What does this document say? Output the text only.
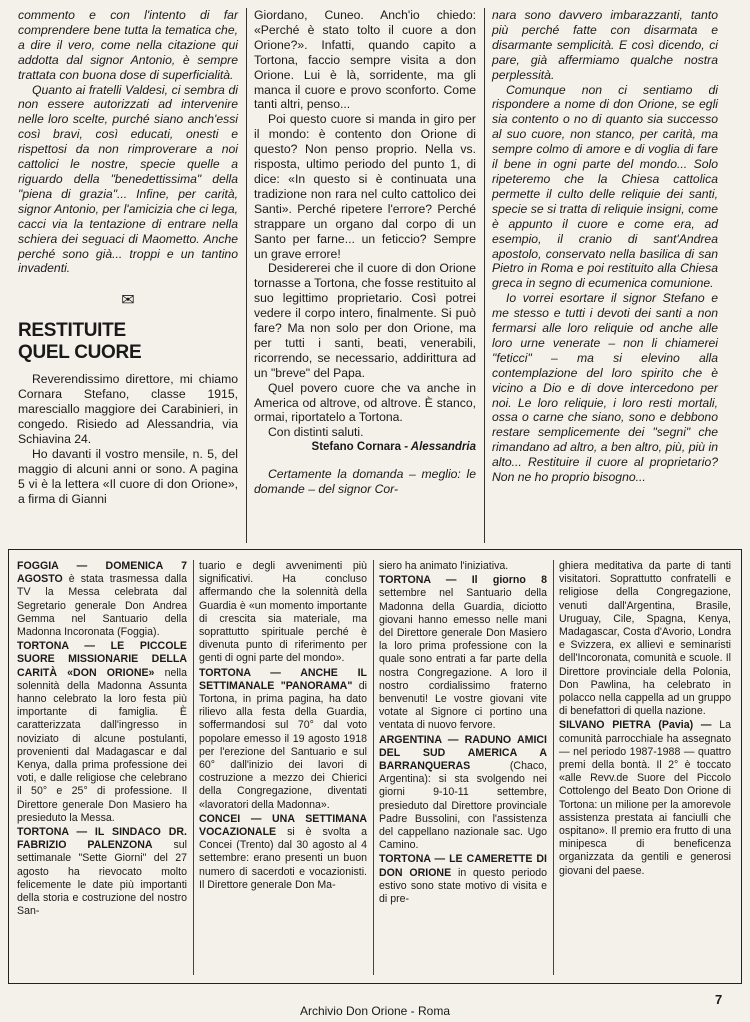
commento e con l'intento di far comprendere bene tutta la tematica che, a dire il vero, come nella citazione qui addotta dal signor Antonio, è sempre trattata con buona dose di superficialità.

Quanto ai fratelli Valdesi, ci sembra di non essere autorizzati ad intervenire nelle loro scelte, purché siano anch'essi così bravi, così educati, onesti e rispettosi da non rimproverare a noi cattolici le nostre, specie quelle a riguardo della "benedettissima" della "piena di grazia"... Infine, per carità, signor Antonio, per l'amicizia che ci lega, cacci via la tentazione di entrare nella schiera dei seguaci di Maometto. Anche perché sono già... troppi e un tantino invadenti.

✉
RESTITUITE
QUEL CUORE

Reverendissimo direttore, mi chiamo Cornara Stefano, classe 1915, maresciallo maggiore dei Carabinieri, in congedo. Risiedo ad Alessandria, via Schiavina 24.

Ho davanti il vostro mensile, n. 5, del maggio di alcuni anni or sono. A pagina 5 vi è la lettera «Il cuore di don Orione», a firma di Gianni

Giordano, Cuneo. Anch'io chiedo: «Perché è stato tolto il cuore a don Orione?». Infatti, quando capito a Tortona, faccio sempre visita a don Orione. Lui è là, sorridente, ma gli manca il cuore e provo sconforto. Come tanti altri, penso...

Poi questo cuore si manda in giro per il mondo: è contento don Orione di questo? Non penso proprio. Nella vs. risposta, ultimo periodo del punto 1, di dice: «In questo si è continuata una tradizione non rara nel culto cattolico dei Santi». Perché ripetere l'errore? Perché strappare un organo dal corpo di un Santo per farne... un feticcio? Sempre un grave errore!

Desidererei che il cuore di don Orione tornasse a Tortona, che fosse restituito al suo legittimo proprietario. Così potrei vedere il corpo intero, finalmente. Si può fare? Ma non solo per don Orione, ma per tutti i santi, beati, venerabili, ricorrendo, se necessario, addirittura ad un "breve" del Papa.

Quel povero cuore che va anche in America od altrove, od altrove. È stanco, ormai, riportatelo a Tortona.

Con distinti saluti.

Stefano Cornara - Alessandria

Certamente la domanda – meglio: le domande – del signor Cor-

nara sono davvero imbarazzanti, tanto più perché fatte con disarmata e disarmante semplicità. E così dicendo, ci pare, già affermiamo qualche nostra perplessità.

Comunque non ci sentiamo di rispondere a nome di don Orione, se egli sia contento o no di quanto sia successo al suo cuore, non stanco, per carità, ma sempre colmo di amore e di voglia di fare il bene in ogni parte del mondo... Solo ripeteremo che la Chiesa cattolica permette il culto delle reliquie dei santi, specie se si tratta di reliquie insigni, come è appunto il cuore e come era, ad esempio, il cranio di sant'Andrea apostolo, conservato nella basilica di san Pietro in Roma e poi restituito alla Chiesa greca in segno di ecumenica comunione.

Io vorrei esortare il signor Stefano e me stesso e tutti i devoti dei santi a non fermarsi alle loro reliquie od anche alle loro urne venerate – non li chiamerei "feticci" – ma si elevino alla contemplazione del loro spirito che è vicino a Dio e di dove intercedono per noi. Le loro reliquie, i loro resti mortali, ossa o carne che siano, sono e debbono restare semplicemente dei "segni" che rimandano ad altro, a ben altro, più, più in alto... Restituire il cuore al proprietario? Non ne ho proprio bisogno...

FOGGIA — DOMENICA 7 AGOSTO è stata trasmessa dalla TV la Messa celebrata dal Segretario generale Don Andrea Gemma nel Santuario della Madonna Incoronata (Foggia).

TORTONA — LE PICCOLE SUORE MISSIONARIE DELLA CARITÀ «DON ORIONE» nella solennità della Madonna Assunta hanno celebrato la loro festa più importante di famiglia. È caratterizzata dall'ingresso in noviziato di alcune postulanti, provenienti dal Madagascar e dal Kenya, dalla prima professione dei voti, e dalle religiose che celebrano il 50° e 25° di professione. Il Direttore generale Don Masiero ha presieduto la Messa.

TORTONA — IL SINDACO DR. FABRIZIO PALENZONA sul settimanale "Sette Giorni" del 27 agosto ha rievocato molto felicemente le date più importanti della storia e costruzione del nostro San-

tuario e degli avvenimenti più significativi. Ha concluso affermando che la solennità della Guardia è «un momento importante di crescita sia materiale, ma soprattutto spirituale perché è divenuta punto di riferimento per genti di ogni parte del mondo».

TORTONA — ANCHE IL SETTIMANALE "PANORAMA" di Tortona, in prima pagina, ha dato rilievo alla festa della Guardia, soffermandosi sul 70° dal voto popolare emesso il 19 agosto 1918 per l'erezione del Santuario e sul 60° dall'inizio dei lavori di costruzione a mezzo dei Chierici della Congregazione, diventati «lavoratori della Madonna».

CONCEI — UNA SETTIMANA VOCAZIONALE si è svolta a Concei (Trento) dal 30 agosto al 4 settembre: erano presenti un buon numero di sacerdoti e vocazionisti. Il Direttore generale Don Ma-

siero ha animato l'iniziativa.

TORTONA — Il giorno 8 settembre nel Santuario della Madonna della Guardia, diciotto giovani hanno emesso nelle mani del Direttore generale Don Masiero la loro prima professione con la quale sono entrati a far parte della nostra Congregazione. A loro il nostro cordialissimo fraterno benvenuti! Le vostre giovani vite votate al Signore ci portino una ventata di nuovo fervore.

ARGENTINA — RADUNO AMICI DEL SUD AMERICA A BARRANQUERAS	(Chaco, Argentina): si sta svolgendo nei giorni 9-10-11 settembre, presieduto dal Direttore provinciale Padre Bussolini, con l'assistenza del cappellano nazionale sac. Ugo Camino.

TORTONA — LE CAMERETTE DI DON ORIONE in questo periodo estivo sono state motivo di visita e di pre-

ghiera meditativa da parte di tanti visitatori. Soprattutto confratelli e religiose della Congregazione, venuti dall'Argentina, Brasile, Uruguay, Cile, Spagna, Kenya, Madagascar, Costa d'Avorio, Londra e Svizzera, ex allievi e seminaristi dell'Incoronata, comunità e scuole. Il Direttore provinciale della Polonia, Don Pawlina, ha celebrato in polacco nella cappella ad un gruppo di benefattori di quella nazione.

SILVANO PIETRA (Pavia) — La comunità parrocchiale ha assegnato — nel periodo 1987-1988 — quattro premi della bontà. Il 2° è toccato «alle Revv.de Suore del Piccolo Cottolengo del Beato Don Orione di Tortona: un milione per la amorevole assistenza prestata ai fanciulli che ospitano». Il premio era frutto di una minipesca di beneficenza organizzata da gentili e generosi giovani del paese.

7
Archivio Don Orione - Roma
